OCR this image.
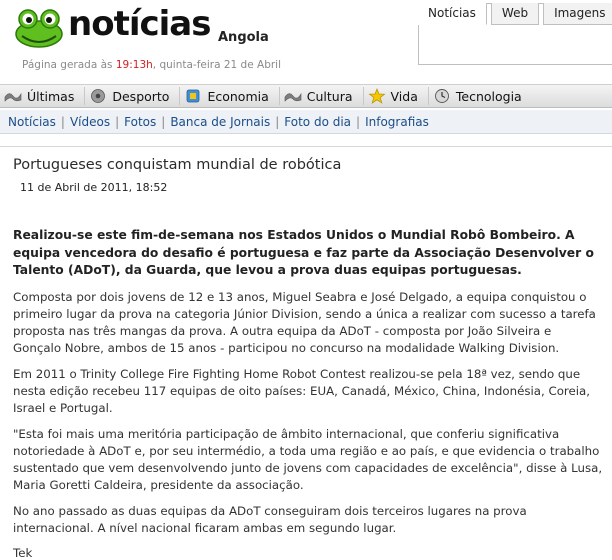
notícias Angola
Página gerada às 19:13h, quinta-feira 21 de Abril
Notícias	Web	Imagens
Últimas	Desporto	Economia	Cultura	Vida	Tecnologia
Notícias | Vídeos | Fotos | Banca de Jornais | Foto do dia | Infografias
Portugueses conquistam mundial de robótica
11 de Abril de 2011, 18:52

Realizou-se este fim-de-semana nos Estados Unidos o Mundial Robô Bombeiro. A equipa vencedora do desafio é portuguesa e faz parte da Associação Desenvolver o Talento (ADoT), da Guarda, que levou a prova duas equipas portuguesas.

Composta por dois jovens de 12 e 13 anos, Miguel Seabra e José Delgado, a equipa conquistou o primeiro lugar da prova na categoria Júnior Division, sendo a única a realizar com sucesso a tarefa proposta nas três mangas da prova. A outra equipa da ADoT - composta por João Silveira e Gonçalo Nobre, ambos de 15 anos - participou no concurso na modalidade Walking Division.

Em 2011 o Trinity College Fire Fighting Home Robot Contest realizou-se pela 18ª vez, sendo que nesta edição recebeu 117 equipas de oito países: EUA, Canadá, México, China, Indonésia, Coreia, Israel e Portugal.

"Esta foi mais uma meritória participação de âmbito internacional, que conferiu significativa notoriedade à ADoT e, por seu intermédio, a toda uma região e ao país, e que evidencia o trabalho sustentado que vem desenvolvendo junto de jovens com capacidades de excelência", disse à Lusa, Maria Goretti Caldeira, presidente da associação.

No ano passado as duas equipas da ADoT conseguiram dois terceiros lugares na prova internacional. A nível nacional ficaram ambas em segundo lugar.

Tek
